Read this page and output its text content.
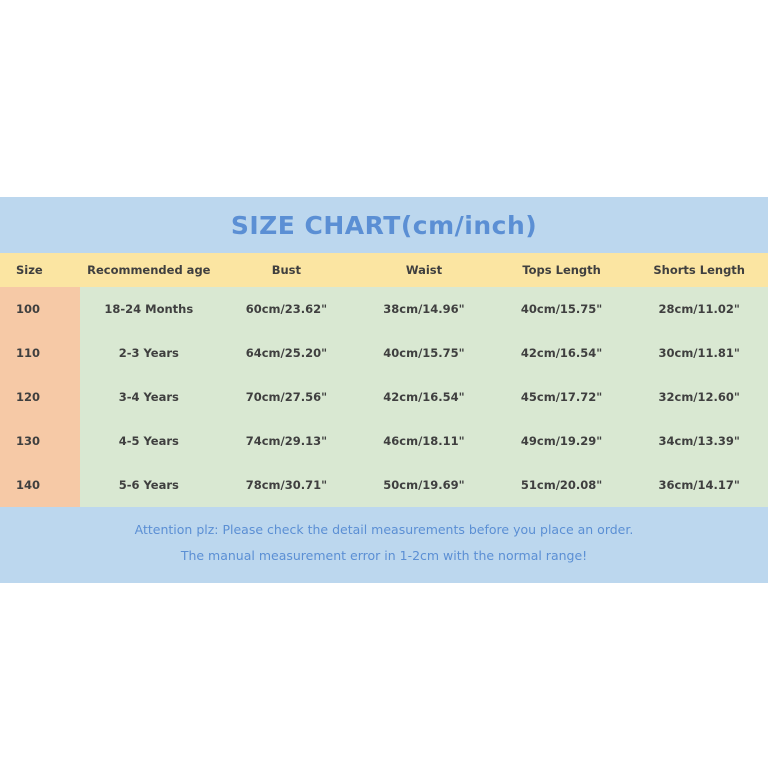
SIZE CHART(cm/inch)
Size	Recommended age	Bust	Waist	Tops Length	Shorts Length
100	18-24 Months	60cm/23.62"	38cm/14.96"	40cm/15.75"	28cm/11.02"
110	2-3 Years	64cm/25.20"	40cm/15.75"	42cm/16.54"	30cm/11.81"
120	3-4 Years	70cm/27.56"	42cm/16.54"	45cm/17.72"	32cm/12.60"
130	4-5 Years	74cm/29.13"	46cm/18.11"	49cm/19.29"	34cm/13.39"
140	5-6 Years	78cm/30.71"	50cm/19.69"	51cm/20.08"	36cm/14.17"
Attention plz: Please check the detail measurements before you place an order.
The manual measurement error in 1-2cm with the normal range!
